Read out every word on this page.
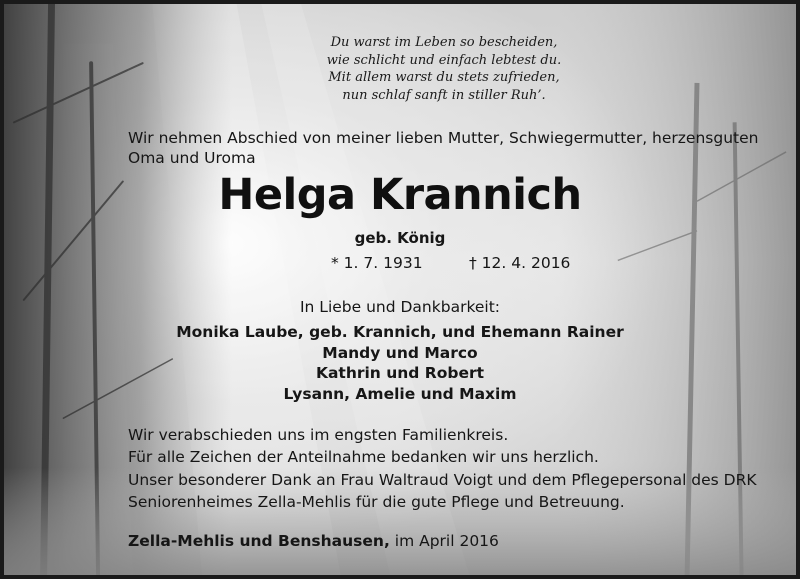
Du warst im Leben so bescheiden,
wie schlicht und einfach lebtest du.
Mit allem warst du stets zufrieden,
nun schlaf sanft in stiller Ruh’.
Wir nehmen Abschied von meiner lieben Mutter, Schwiegermutter, herzensguten
Oma und Uroma
Helga Krannich
geb. König
* 1. 7. 1931	† 12. 4. 2016
In Liebe und Dankbarkeit:
Monika Laube, geb. Krannich, und Ehemann Rainer
Mandy und Marco
Kathrin und Robert
Lysann, Amelie und Maxim
Wir verabschieden uns im engsten Familienkreis.
Für alle Zeichen der Anteilnahme bedanken wir uns herzlich.
Unser besonderer Dank an Frau Waltraud Voigt und dem Pflegepersonal des DRK
Seniorenheimes Zella-Mehlis für die gute Pflege und Betreuung.
Zella-Mehlis und Benshausen, im April 2016
